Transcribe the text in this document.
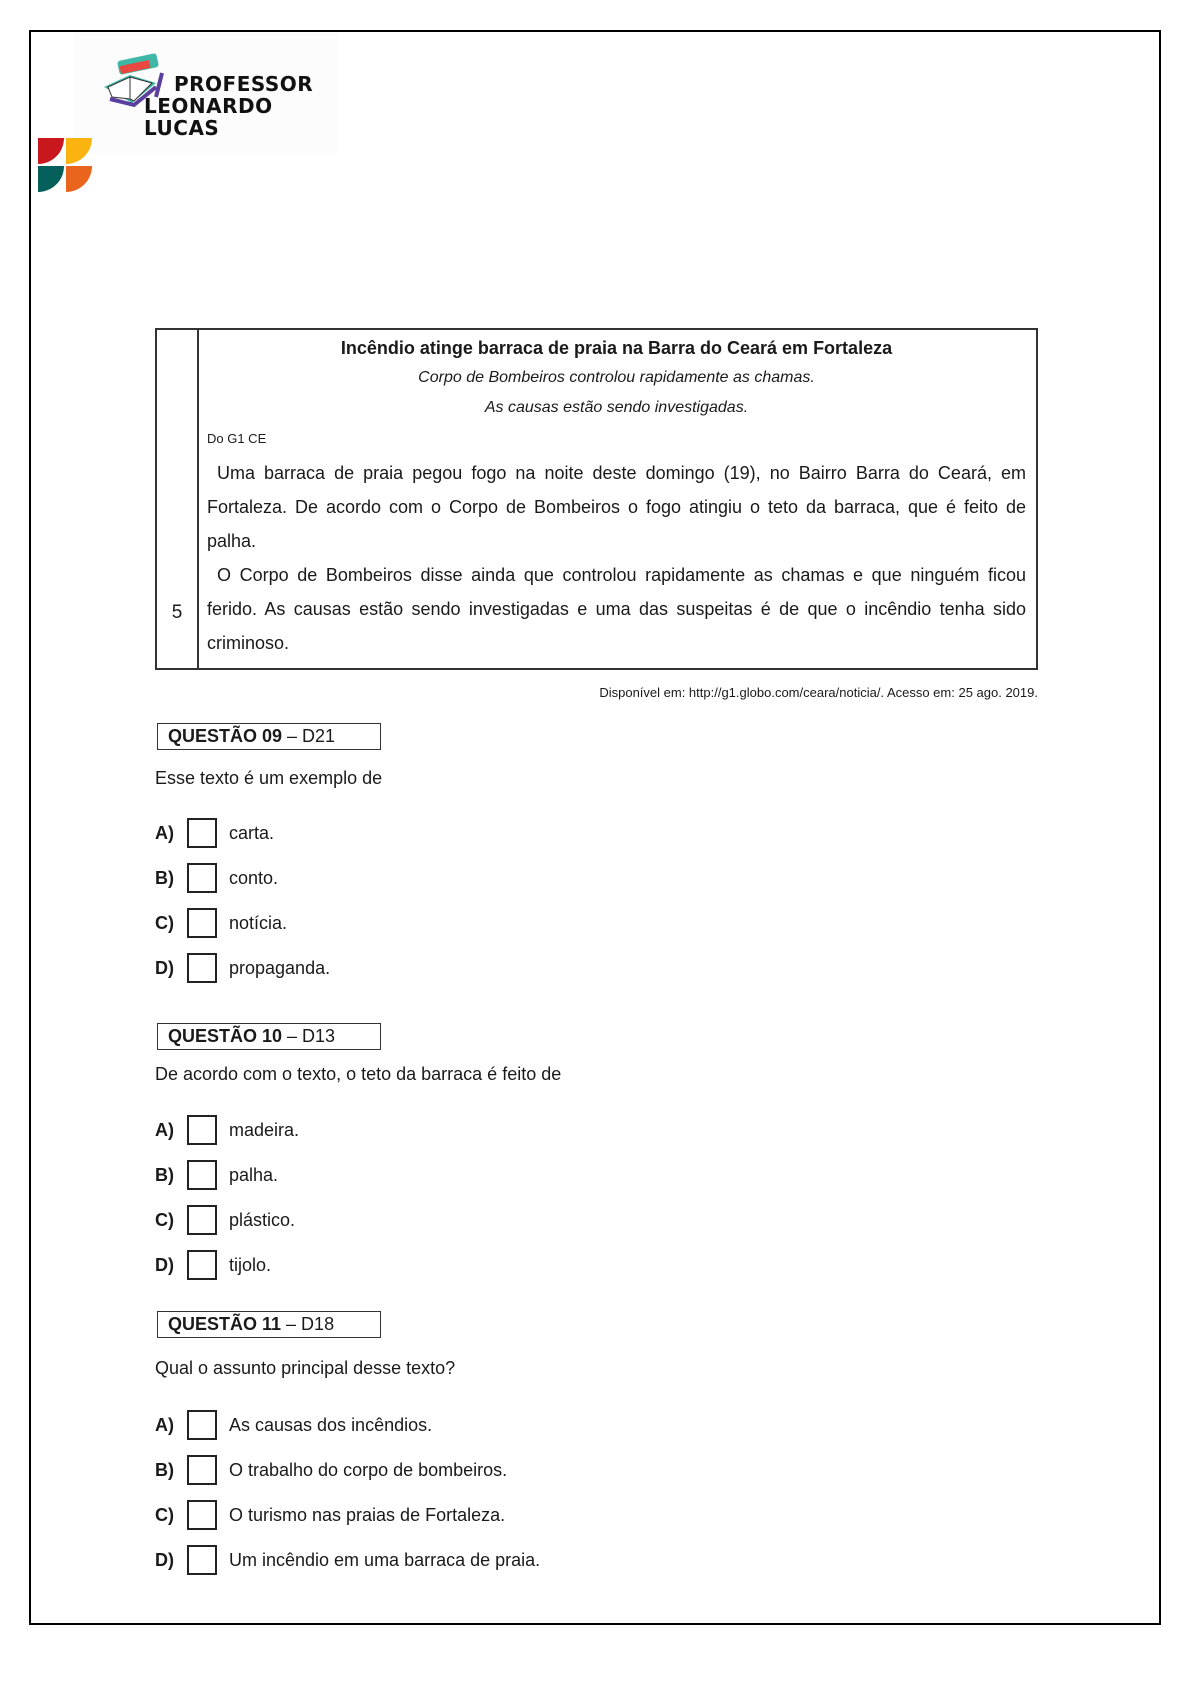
PROFESSOR
LEONARDO LUCAS
5
Incêndio atinge barraca de praia na Barra do Ceará em Fortaleza
Corpo de Bombeiros controlou rapidamente as chamas.
As causas estão sendo investigadas.
Do G1 CE
Uma barraca de praia pegou fogo na noite deste domingo (19), no Bairro Barra do Ceará, em Fortaleza. De acordo com o Corpo de Bombeiros o fogo atingiu o teto da barraca, que é feito de palha.
O Corpo de Bombeiros disse ainda que controlou rapidamente as chamas e que ninguém ficou ferido. As causas estão sendo investigadas e uma das suspeitas é de que o incêndio tenha sido criminoso.
Disponível em: http://g1.globo.com/ceara/noticia/. Acesso em: 25 ago. 2019.
QUESTÃO 09 – D21
Esse texto é um exemplo de
A)	carta.
B)	conto.
C)	notícia.
D)	propaganda.
QUESTÃO 10 – D13
De acordo com o texto, o teto da barraca é feito de
A)	madeira.
B)	palha.
C)	plástico.
D)	tijolo.
QUESTÃO 11 – D18
Qual o assunto principal desse texto?
A)	As causas dos incêndios.
B)	O trabalho do corpo de bombeiros.
C)	O turismo nas praias de Fortaleza.
D)	Um incêndio em uma barraca de praia.
